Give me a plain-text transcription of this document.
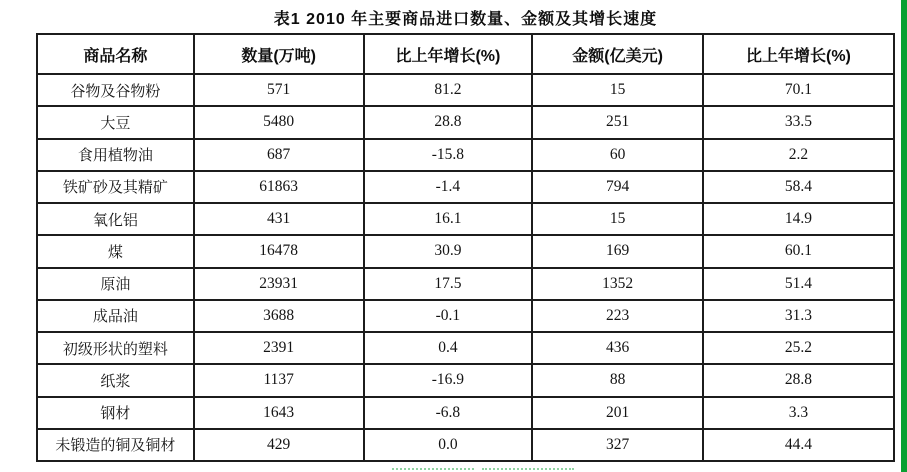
表1 2010 年主要商品进口数量、金额及其增长速度
商品名称	数量(万吨)	比上年增长(%)	金额(亿美元)	比上年增长(%)
谷物及谷物粉	571	81.2	15	70.1
大豆	5480	28.8	251	33.5
食用植物油	687	-15.8	60	2.2
铁矿砂及其精矿	61863	-1.4	794	58.4
氧化铝	431	16.1	15	14.9
煤	16478	30.9	169	60.1
原油	23931	17.5	1352	51.4
成品油	3688	-0.1	223	31.3
初级形状的塑料	2391	0.4	436	25.2
纸浆	1137	-16.9	88	28.8
钢材	1643	-6.8	201	3.3
未锻造的铜及铜材	429	0.0	327	44.4
